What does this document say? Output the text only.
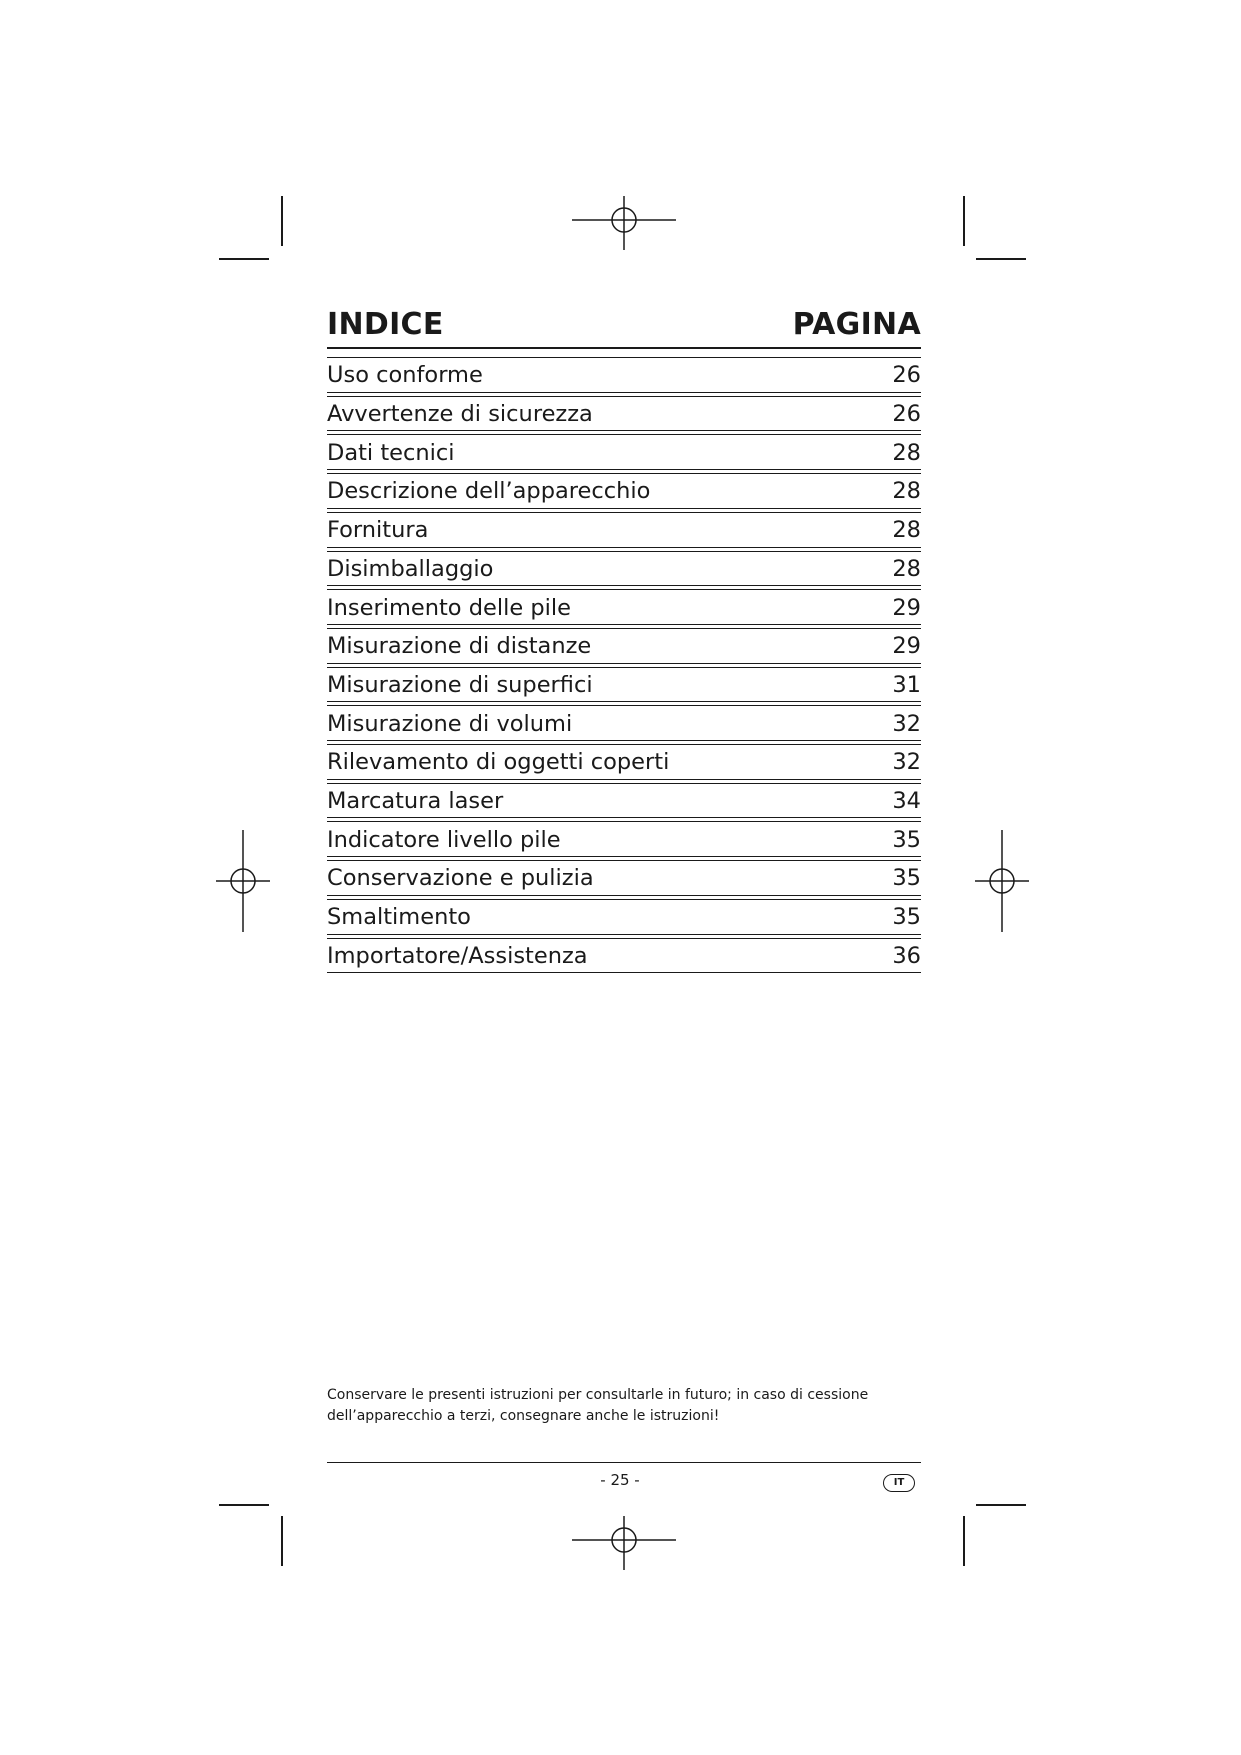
INDICE	PAGINA
Uso conforme	26
Avvertenze di sicurezza	26
Dati tecnici	28
Descrizione dell’apparecchio	28
Fornitura	28
Disimballaggio	28
Inserimento delle pile	29
Misurazione di distanze	29
Misurazione di superfici	31
Misurazione di volumi	32
Rilevamento di oggetti coperti	32
Marcatura laser	34
Indicatore livello pile	35
Conservazione e pulizia	35
Smaltimento	35
Importatore/Assistenza	36
Conservare le presenti istruzioni per consultarle in futuro; in caso di cessione
dell’apparecchio a terzi, consegnare anche le istruzioni!
- 25 -	IT
